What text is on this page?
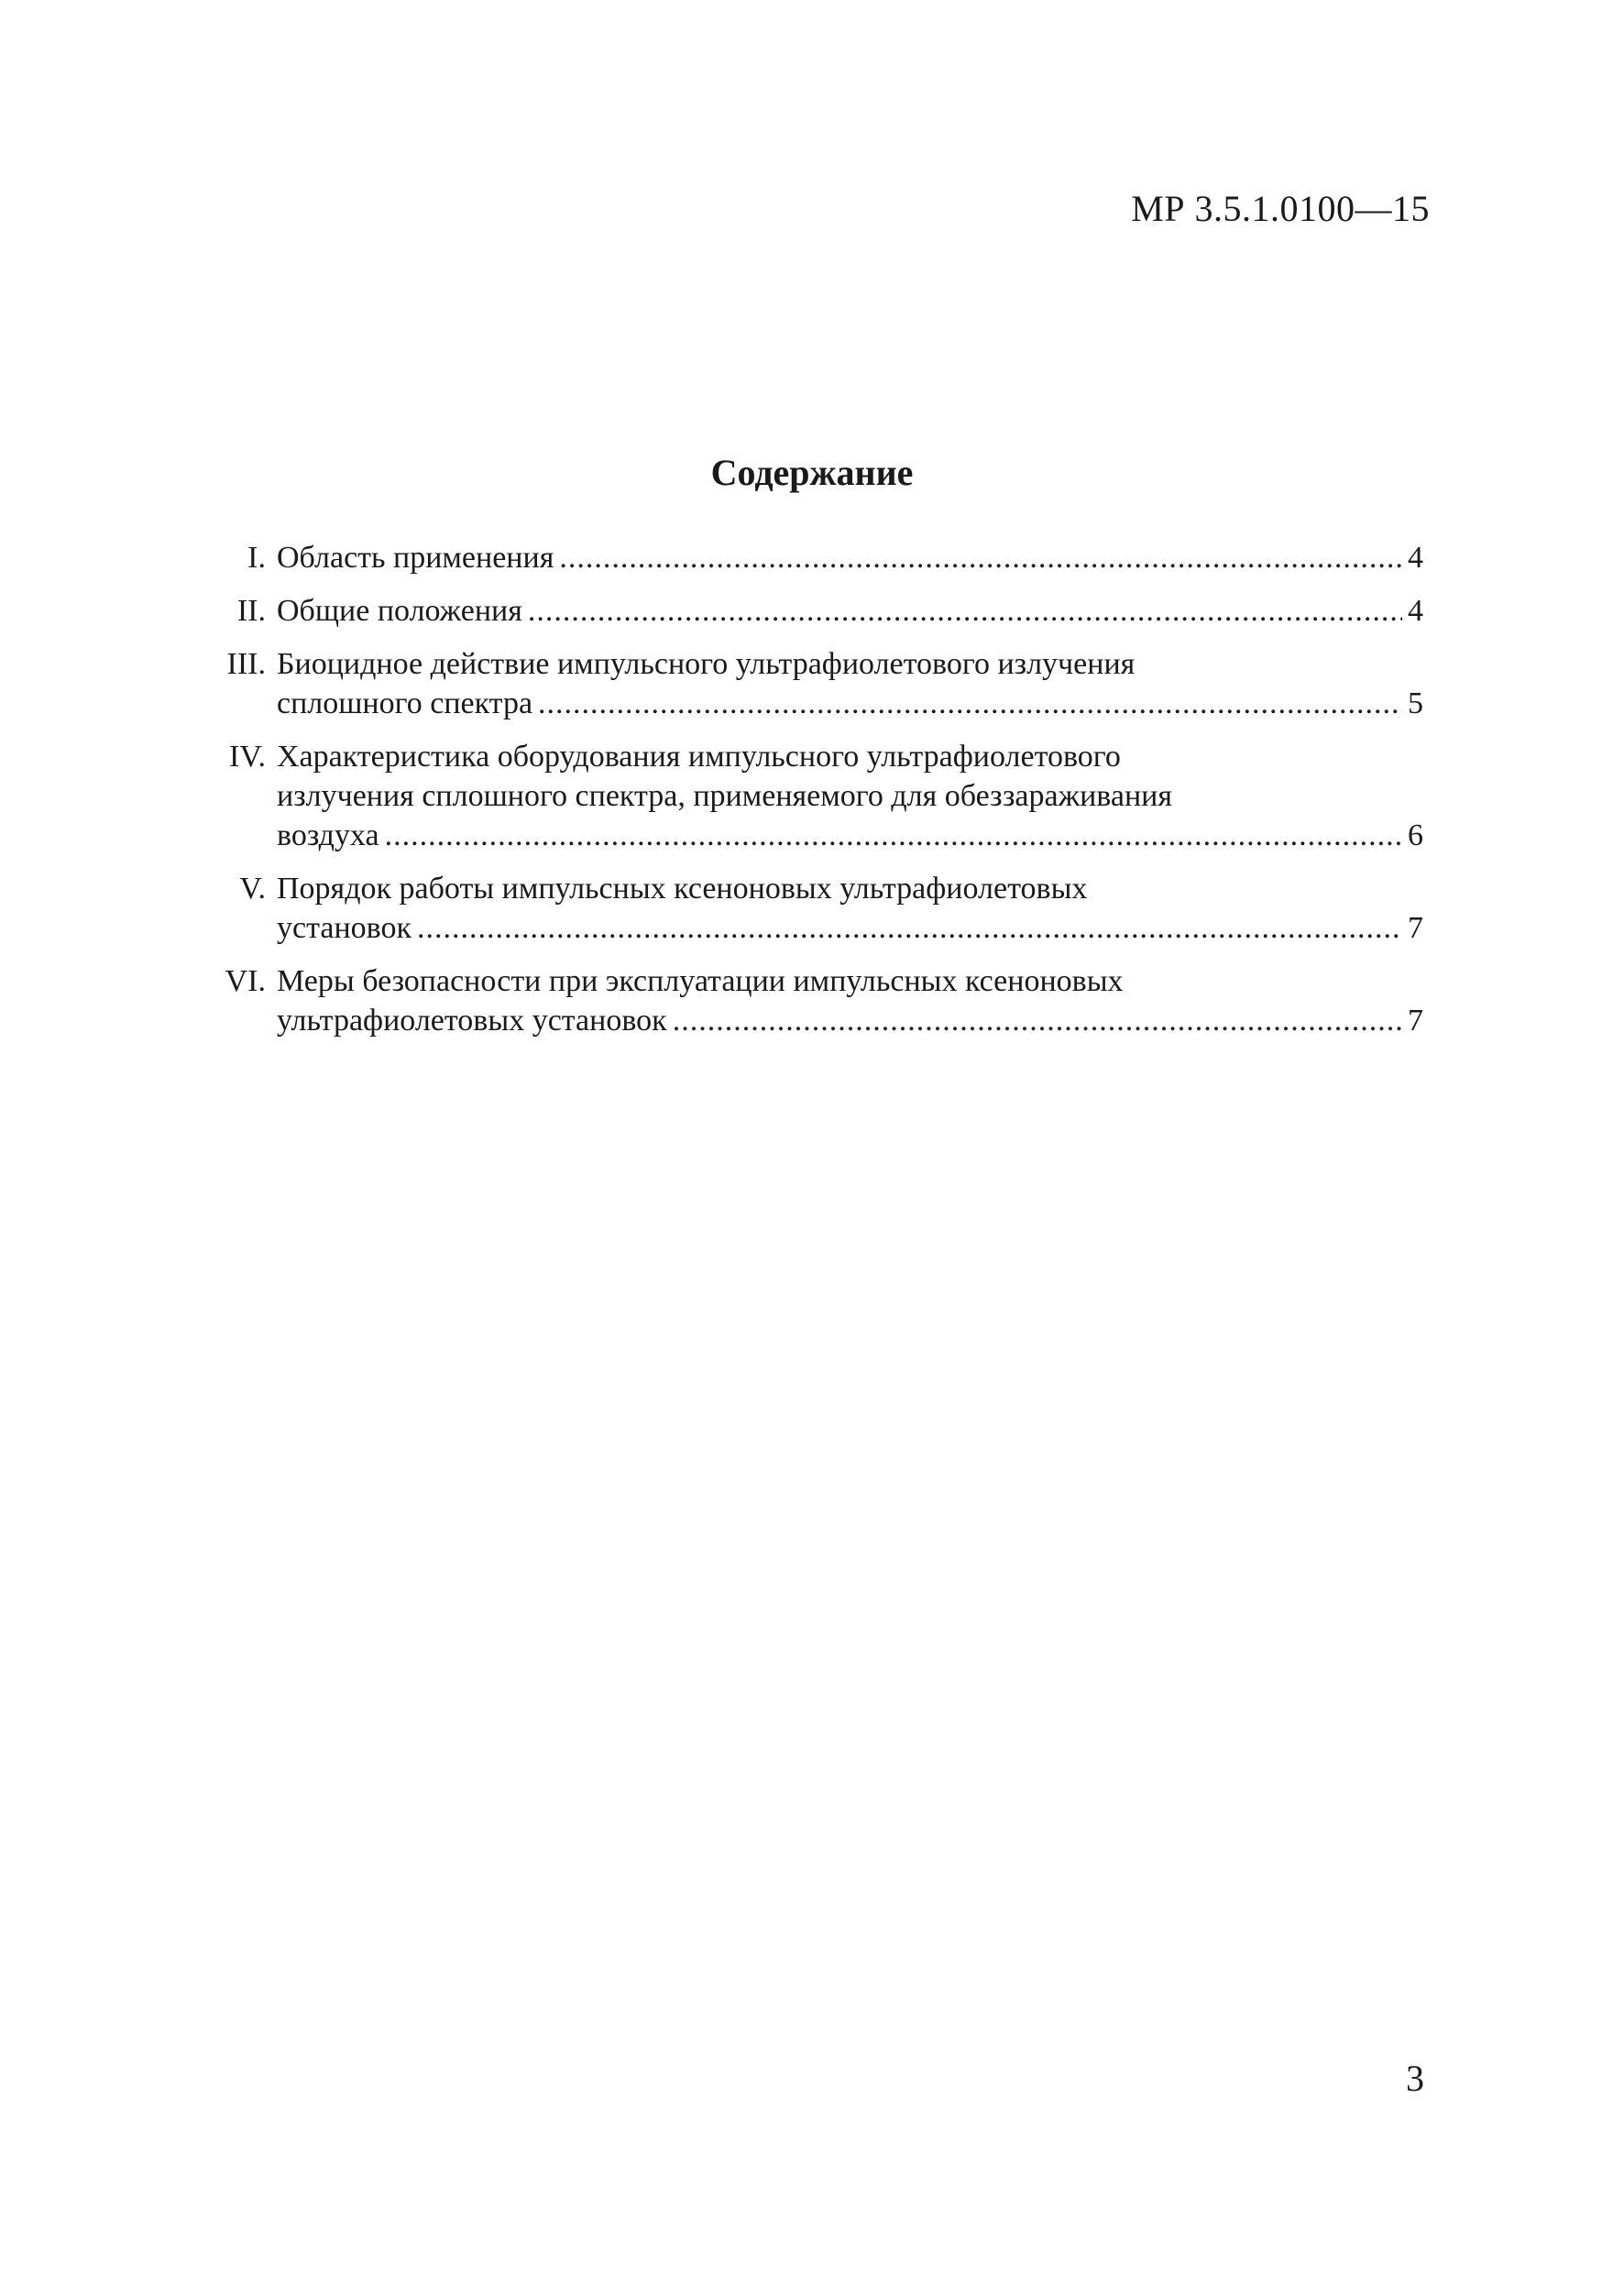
МР 3.5.1.0100—15
Содержание
I. Область применения .....	4
II. Общие положения .....	4
III. Биоцидное действие импульсного ультрафиолетового излучения
сплошного спектра .....	5
IV. Характеристика оборудования импульсного ультрафиолетового
излучения сплошного спектра, применяемого для обеззараживания
воздуха .....	6
V. Порядок работы импульсных ксеноновых ультрафиолетовых
установок .....	7
VI. Меры безопасности при эксплуатации импульсных ксеноновых
ультрафиолетовых установок .....	7
3
